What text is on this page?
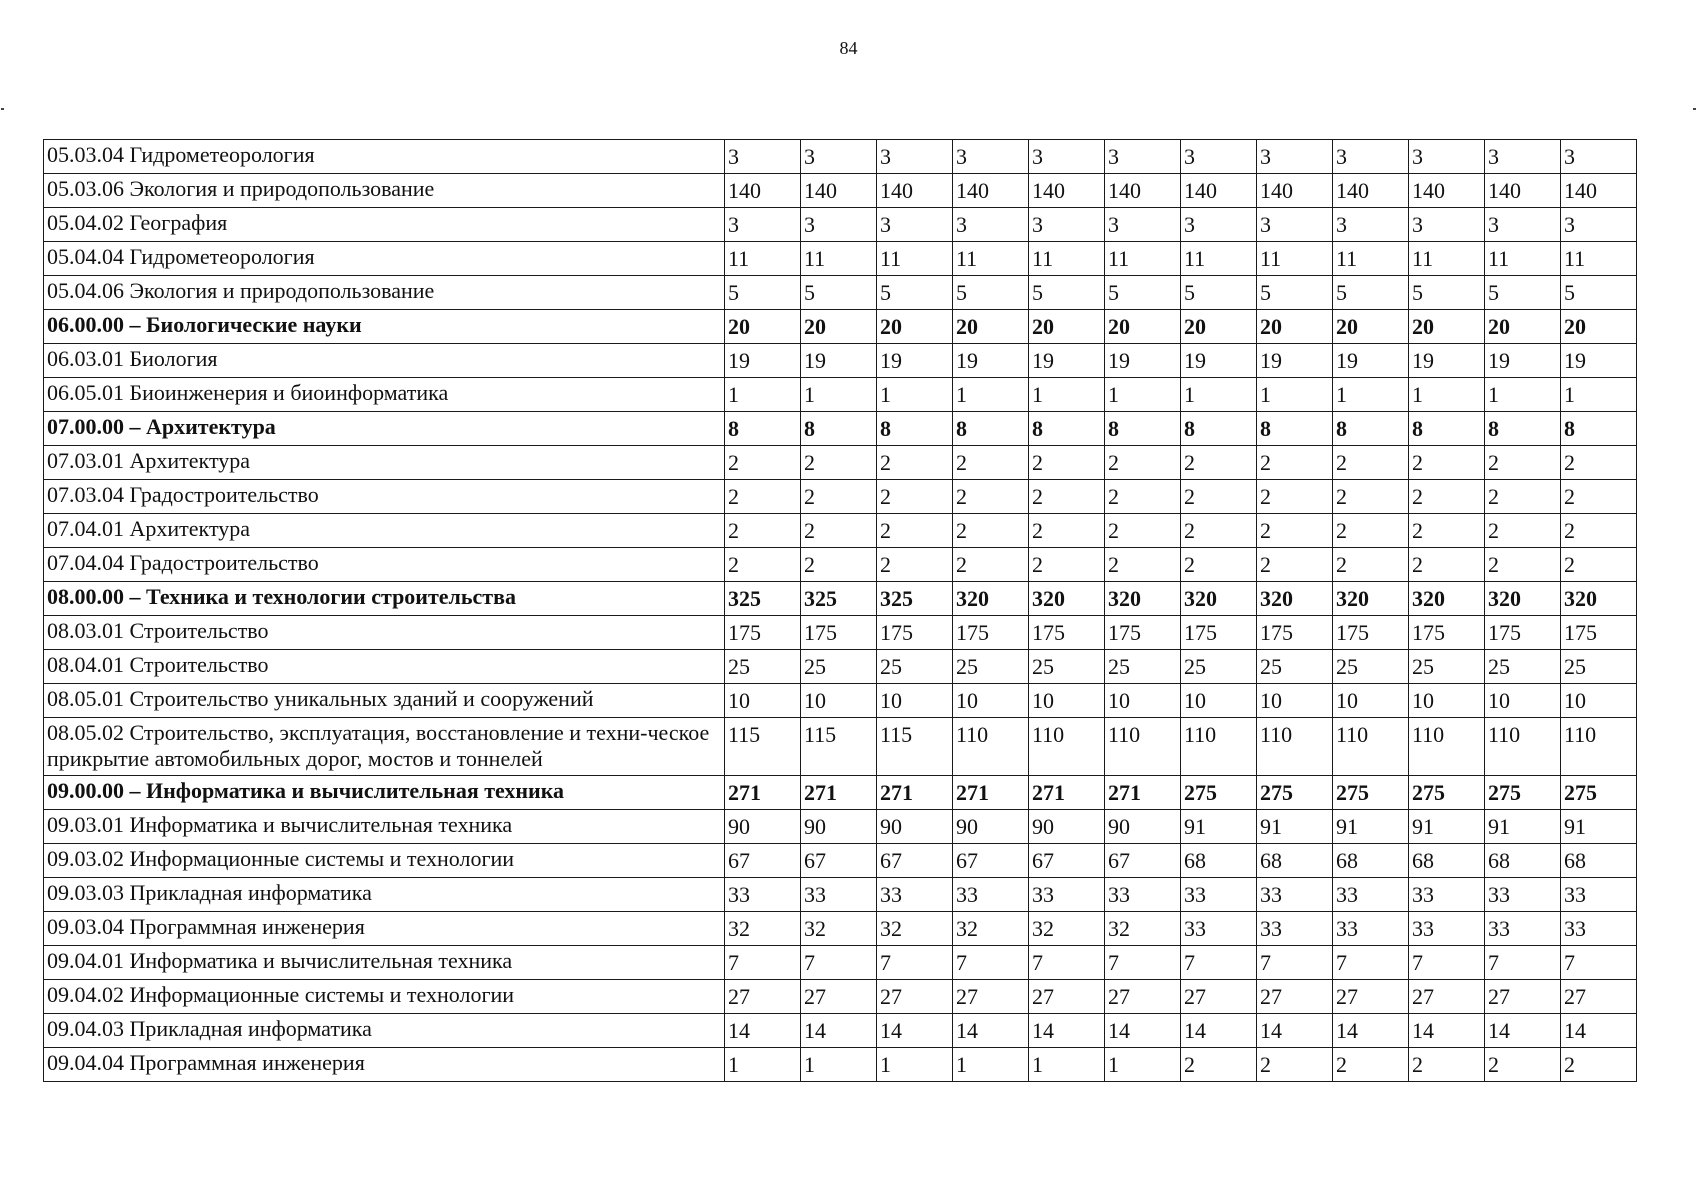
84
05.03.04 Гидрометеорология	3	3	3	3	3	3	3	3	3	3	3	3
05.03.06 Экология и природопользование	140	140	140	140	140	140	140	140	140	140	140	140
05.04.02 География	3	3	3	3	3	3	3	3	3	3	3	3
05.04.04 Гидрометеорология	11	11	11	11	11	11	11	11	11	11	11	11
05.04.06 Экология и природопользование	5	5	5	5	5	5	5	5	5	5	5	5
06.00.00 – Биологические науки	20	20	20	20	20	20	20	20	20	20	20	20
06.03.01 Биология	19	19	19	19	19	19	19	19	19	19	19	19
06.05.01 Биоинженерия и биоинформатика	1	1	1	1	1	1	1	1	1	1	1	1
07.00.00 – Архитектура	8	8	8	8	8	8	8	8	8	8	8	8
07.03.01 Архитектура	2	2	2	2	2	2	2	2	2	2	2	2
07.03.04 Градостроительство	2	2	2	2	2	2	2	2	2	2	2	2
07.04.01 Архитектура	2	2	2	2	2	2	2	2	2	2	2	2
07.04.04 Градостроительство	2	2	2	2	2	2	2	2	2	2	2	2
08.00.00 – Техника и технологии строительства	325	325	325	320	320	320	320	320	320	320	320	320
08.03.01 Строительство	175	175	175	175	175	175	175	175	175	175	175	175
08.04.01 Строительство	25	25	25	25	25	25	25	25	25	25	25	25
08.05.01 Строительство уникальных зданий и сооружений	10	10	10	10	10	10	10	10	10	10	10	10
08.05.02 Строительство, эксплуатация, восстановление и техни-ческое прикрытие автомобильных дорог, мостов и тоннелей	115	115	115	110	110	110	110	110	110	110	110	110
09.00.00 – Информатика и вычислительная техника	271	271	271	271	271	271	275	275	275	275	275	275
09.03.01 Информатика и вычислительная техника	90	90	90	90	90	90	91	91	91	91	91	91
09.03.02 Информационные системы и технологии	67	67	67	67	67	67	68	68	68	68	68	68
09.03.03 Прикладная информатика	33	33	33	33	33	33	33	33	33	33	33	33
09.03.04 Программная инженерия	32	32	32	32	32	32	33	33	33	33	33	33
09.04.01 Информатика и вычислительная техника	7	7	7	7	7	7	7	7	7	7	7	7
09.04.02 Информационные системы и технологии	27	27	27	27	27	27	27	27	27	27	27	27
09.04.03 Прикладная информатика	14	14	14	14	14	14	14	14	14	14	14	14
09.04.04 Программная инженерия	1	1	1	1	1	1	2	2	2	2	2	2
